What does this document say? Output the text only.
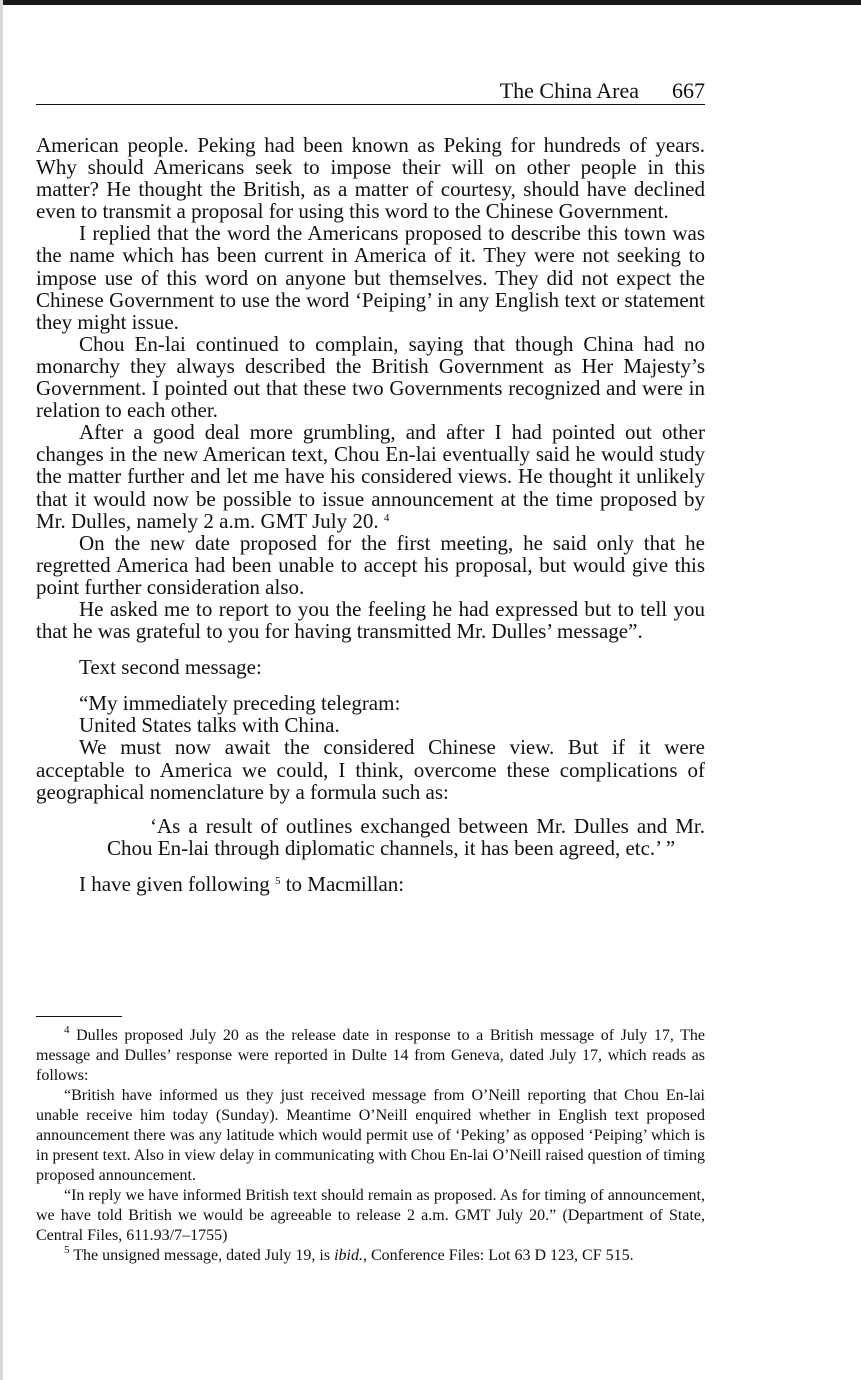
The China Area 667

American people. Peking had been known as Peking for hundreds of years. Why should Americans seek to impose their will on other people in this matter? He thought the British, as a matter of courtesy, should have declined even to transmit a proposal for using this word to the Chinese Government.

I replied that the word the Americans proposed to describe this town was the name which has been current in America of it. They were not seeking to impose use of this word on anyone but themselves. They did not expect the Chinese Government to use the word ‘Peiping’ in any English text or statement they might issue.

Chou En-lai continued to complain, saying that though China had no monarchy they always described the British Government as Her Majesty’s Government. I pointed out that these two Governments recognized and were in relation to each other.

After a good deal more grumbling, and after I had pointed out other changes in the new American text, Chou En-lai eventually said he would study the matter further and let me have his considered views. He thought it unlikely that it would now be possible to issue announcement at the time proposed by Mr. Dulles, namely 2 a.m. GMT July 20. $^4$

On the new date proposed for the first meeting, he said only that he regretted America had been unable to accept his proposal, but would give this point further consideration also.

He asked me to report to you the feeling he had expressed but to tell you that he was grateful to you for having transmitted Mr. Dulles’ message”.

Text second message:

“My immediately preceding telegram:

United States talks with China.

We must now await the considered Chinese view. But if it were acceptable to America we could, I think, overcome these complications of geographical nomenclature by a formula such as:

‘As a result of outlines exchanged between Mr. Dulles and Mr. Chou En-lai through diplomatic channels, it has been agreed, etc.’ ”

I have given following $^5$ to Macmillan:

$^4$ Dulles proposed July 20 as the release date in response to a British message of July 17, The message and Dulles’ response were reported in Dulte 14 from Geneva, dated July 17, which reads as follows:

“British have informed us they just received message from O’Neill reporting that Chou En-lai unable receive him today (Sunday). Meantime O’Neill enquired whether in English text proposed announcement there was any latitude which would permit use of ‘Peking’ as opposed ‘Peiping’ which is in present text. Also in view delay in communicating with Chou En-lai O’Neill raised question of timing proposed announcement.

“In reply we have informed British text should remain as proposed. As for timing of announcement, we have told British we would be agreeable to release 2 a.m. GMT July 20.” (Department of State, Central Files, 611.93/7–1755)

$^5$ The unsigned message, dated July 19, is ibid., Conference Files: Lot 63 D 123, CF 515.
